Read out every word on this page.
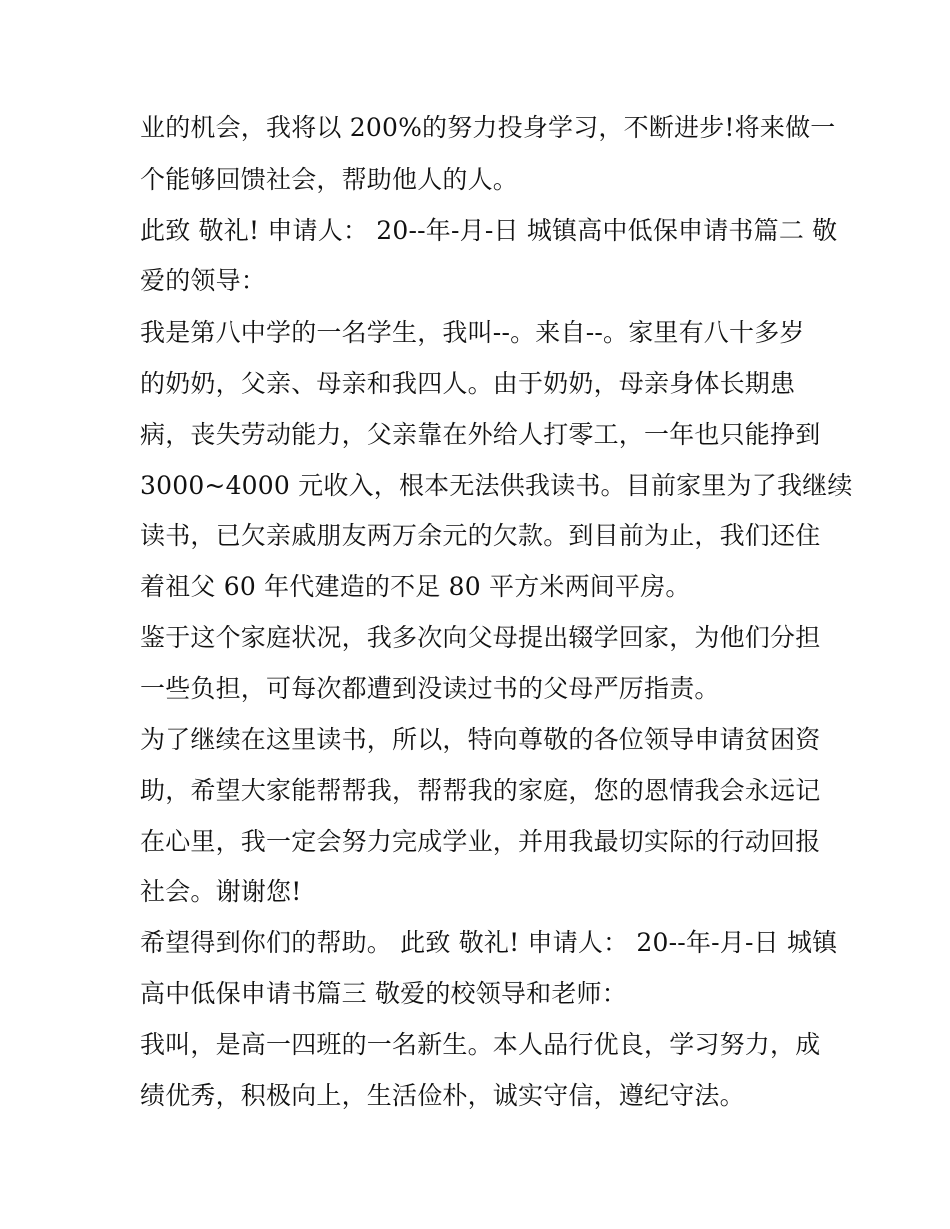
业的机会，我将以 200%的努力投身学习，不断进步!将来做一
个能够回馈社会，帮助他人的人。
此致 敬礼! 申请人： 20--年-月-日 城镇高中低保申请书篇二 敬
爱的领导：
我是第八中学的一名学生，我叫--。来自--。家里有八十多岁
的奶奶，父亲、母亲和我四人。由于奶奶，母亲身体长期患
病，丧失劳动能力，父亲靠在外给人打零工，一年也只能挣到
3000~4000 元收入，根本无法供我读书。目前家里为了我继续
读书，已欠亲戚朋友两万余元的欠款。到目前为止，我们还住
着祖父 60 年代建造的不足 80 平方米两间平房。
鉴于这个家庭状况，我多次向父母提出辍学回家，为他们分担
一些负担，可每次都遭到没读过书的父母严厉指责。
为了继续在这里读书，所以，特向尊敬的各位领导申请贫困资
助，希望大家能帮帮我，帮帮我的家庭，您的恩情我会永远记
在心里，我一定会努力完成学业，并用我最切实际的行动回报
社会。谢谢您!
希望得到你们的帮助。 此致 敬礼! 申请人： 20--年-月-日 城镇
高中低保申请书篇三 敬爱的校领导和老师：
我叫，是高一四班的一名新生。本人品行优良，学习努力，成
绩优秀，积极向上，生活俭朴，诚实守信，遵纪守法。
